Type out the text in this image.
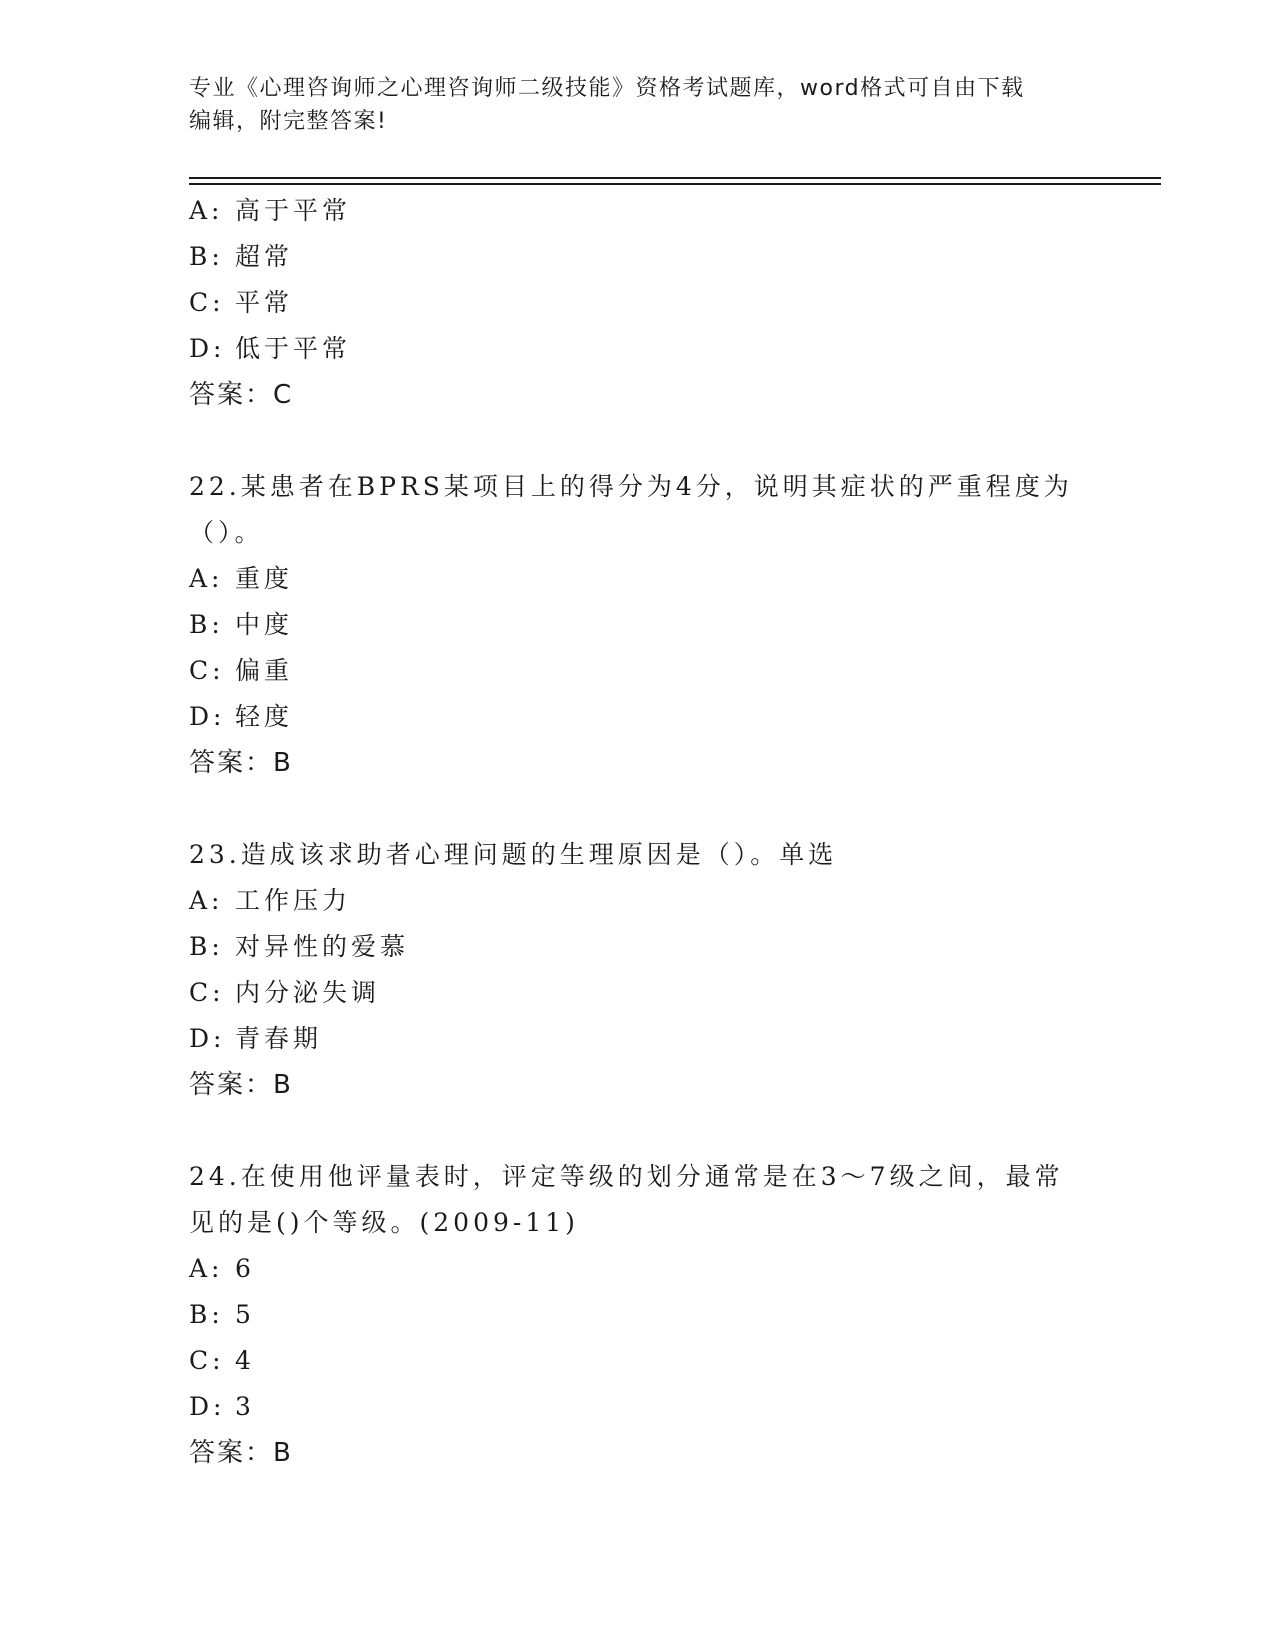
专业《心理咨询师之心理咨询师二级技能》资格考试题库，word格式可自由下载
编辑，附完整答案!
A: 高于平常
B: 超常
C: 平常
D: 低于平常
答案：C
22.某患者在BPRS某项目上的得分为4分，说明其症状的严重程度为
（）。
A: 重度
B: 中度
C: 偏重
D: 轻度
答案：B
23.造成该求助者心理问题的生理原因是（）。单选
A: 工作压力
B: 对异性的爱慕
C: 内分泌失调
D: 青春期
答案：B
24.在使用他评量表时，评定等级的划分通常是在3～7级之间，最常
见的是()个等级。(2009-11)
A: 6
B: 5
C: 4
D: 3
答案：B
